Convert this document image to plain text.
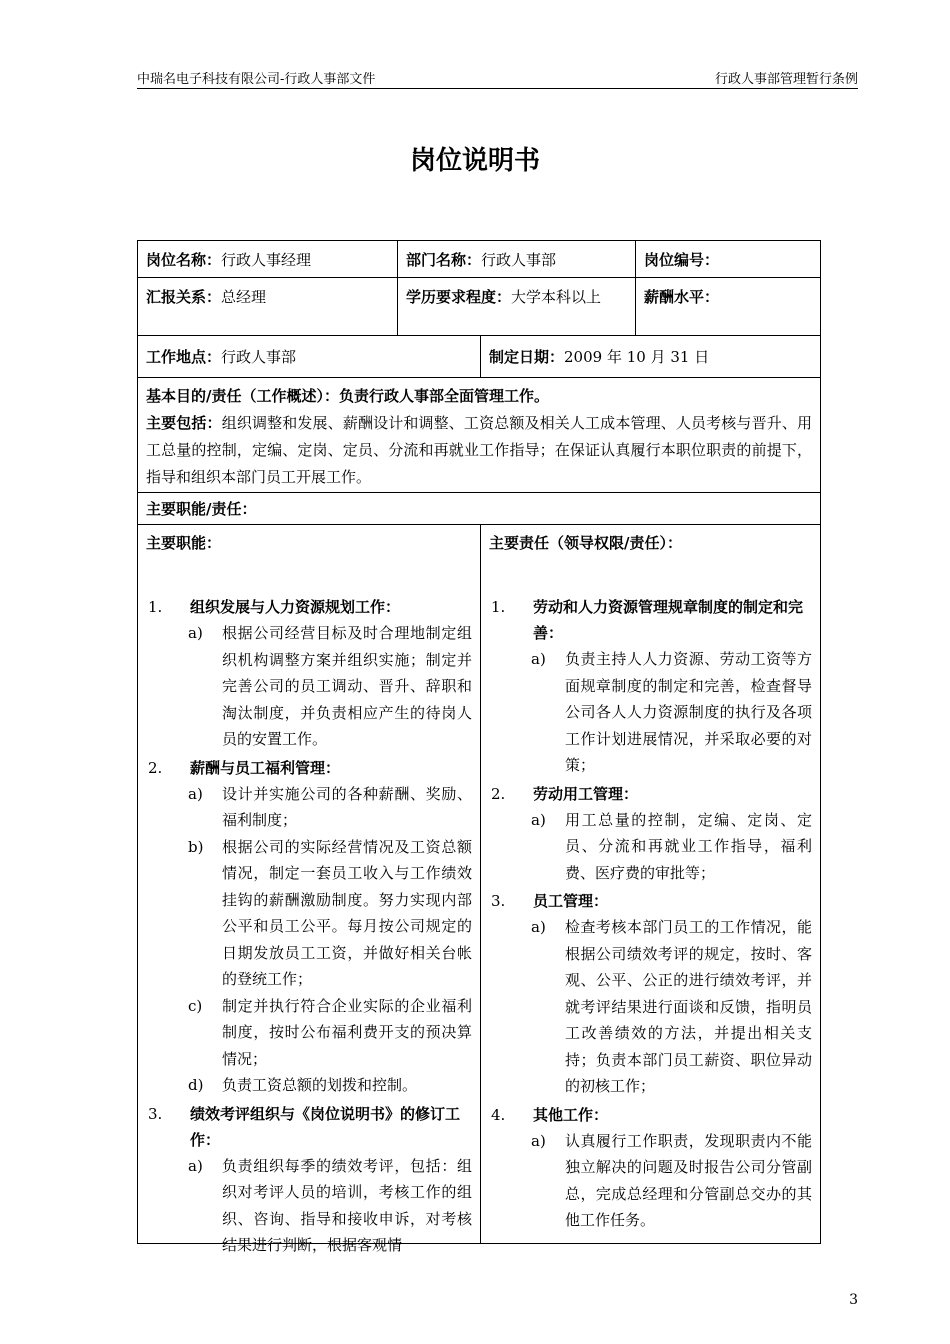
中瑞名电子科技有限公司-行政人事部文件	行政人事部管理暂行条例
岗位说明书
岗位名称：行政人事经理	部门名称：行政人事部	岗位编号：
汇报关系：总经理	学历要求程度：大学本科以上	薪酬水平：
工作地点：行政人事部	制定日期：2009 年 10 月 31 日
基本目的/责任（工作概述）：负责行政人事部全面管理工作。
主要包括：组织调整和发展、薪酬设计和调整、工资总额及相关人工成本管理、人员考核与晋升、用工总量的控制，定编、定岗、定员、分流和再就业工作指导；在保证认真履行本职位职责的前提下，指导和组织本部门员工开展工作。
主要职能/责任：
主要职能：
1.	组织发展与人力资源规划工作：
a)	根据公司经营目标及时合理地制定组织机构调整方案并组织实施；制定并完善公司的员工调动、晋升、辞职和淘汰制度，并负责相应产生的待岗人员的安置工作。
2.	薪酬与员工福利管理：
a)	设计并实施公司的各种薪酬、奖励、福利制度；
b)	根据公司的实际经营情况及工资总额情况，制定一套员工收入与工作绩效挂钩的薪酬激励制度。努力实现内部公平和员工公平。每月按公司规定的日期发放员工工资，并做好相关台帐的登统工作；
c)	制定并执行符合企业实际的企业福利制度，按时公布福利费开支的预决算情况；
d)	负责工资总额的划拨和控制。
3.	绩效考评组织与《岗位说明书》的修订工作：
a)	负责组织每季的绩效考评，包括：组织对考评人员的培训，考核工作的组织、咨询、指导和接收申诉，对考核结果进行判断，根据客观情
主要责任（领导权限/责任）：
1.	劳动和人力资源管理规章制度的制定和完善：
a)	负责主持人人力资源、劳动工资等方面规章制度的制定和完善，检查督导公司各人人力资源制度的执行及各项工作计划进展情况，并采取必要的对策；
2.	劳动用工管理：
a)	用工总量的控制，定编、定岗、定员、分流和再就业工作指导，福利费、医疗费的审批等；
3.	员工管理：
a)	检查考核本部门员工的工作情况，能根据公司绩效考评的规定，按时、客观、公平、公正的进行绩效考评，并就考评结果进行面谈和反馈，指明员工改善绩效的方法，并提出相关支持；负责本部门员工薪资、职位异动的初核工作；
4.	其他工作：
a)	认真履行工作职责，发现职责内不能独立解决的问题及时报告公司分管副总，完成总经理和分管副总交办的其他工作任务。
3
